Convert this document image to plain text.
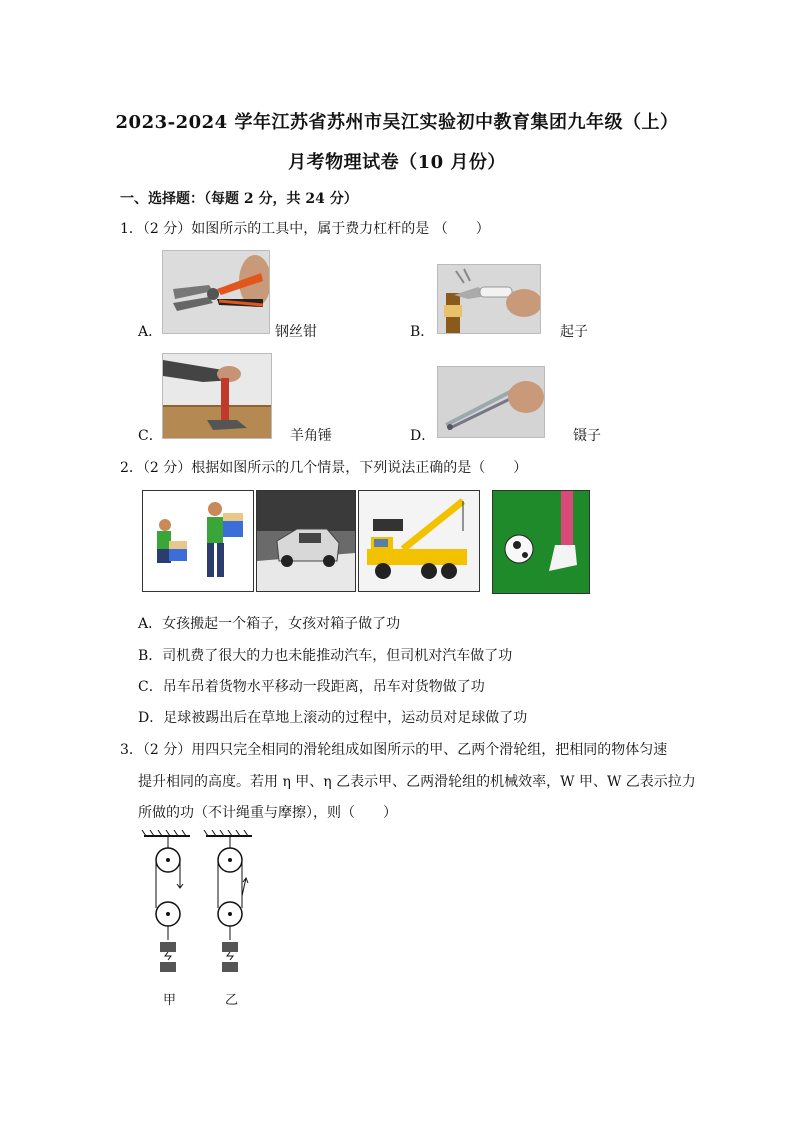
2023-2024 学年江苏省苏州市吴江实验初中教育集团九年级（上）
月考物理试卷（10 月份）
一、选择题：（每题 2 分，共 24 分）
1．（2 分）如图所示的工具中，属于费力杠杆的是 （　　）
A．	钢丝钳	B．	起子
C．	羊角锤	D．	镊子
2．（2 分）根据如图所示的几个情景，下列说法正确的是（　　）
A．女孩搬起一个箱子，女孩对箱子做了功
B．司机费了很大的力也未能推动汽车，但司机对汽车做了功
C．吊车吊着货物水平移动一段距离，吊车对货物做了功
D．足球被踢出后在草地上滚动的过程中，运动员对足球做了功
3．（2 分）用四只完全相同的滑轮组成如图所示的甲、乙两个滑轮组，把相同的物体匀速
提升相同的高度。若用 η 甲、η 乙表示甲、乙两滑轮组的机械效率，W 甲、W 乙表示拉力
所做的功（不计绳重与摩擦），则（　　）
甲	乙
